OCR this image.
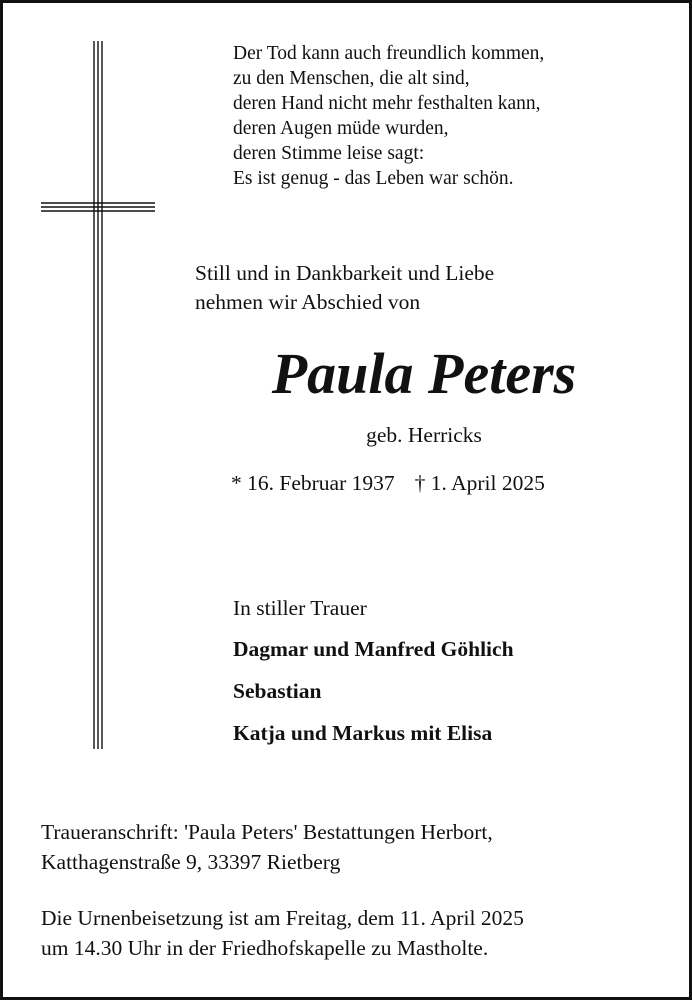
Der Tod kann auch freundlich kommen,
zu den Menschen, die alt sind,
deren Hand nicht mehr festhalten kann,
deren Augen müde wurden,
deren Stimme leise sagt:
Es ist genug - das Leben war schön.
Still und in Dankbarkeit und Liebe
nehmen wir Abschied von
Paula Peters
geb. Herricks
* 16. Februar 1937 † 1. April 2025
In stiller Trauer
Dagmar und Manfred Göhlich
Sebastian
Katja und Markus mit Elisa
Traueranschrift: 'Paula Peters' Bestattungen Herbort,
Katthagenstraße 9, 33397 Rietberg
Die Urnenbeisetzung ist am Freitag, dem 11. April 2025
um 14.30 Uhr in der Friedhofskapelle zu Mastholte.
